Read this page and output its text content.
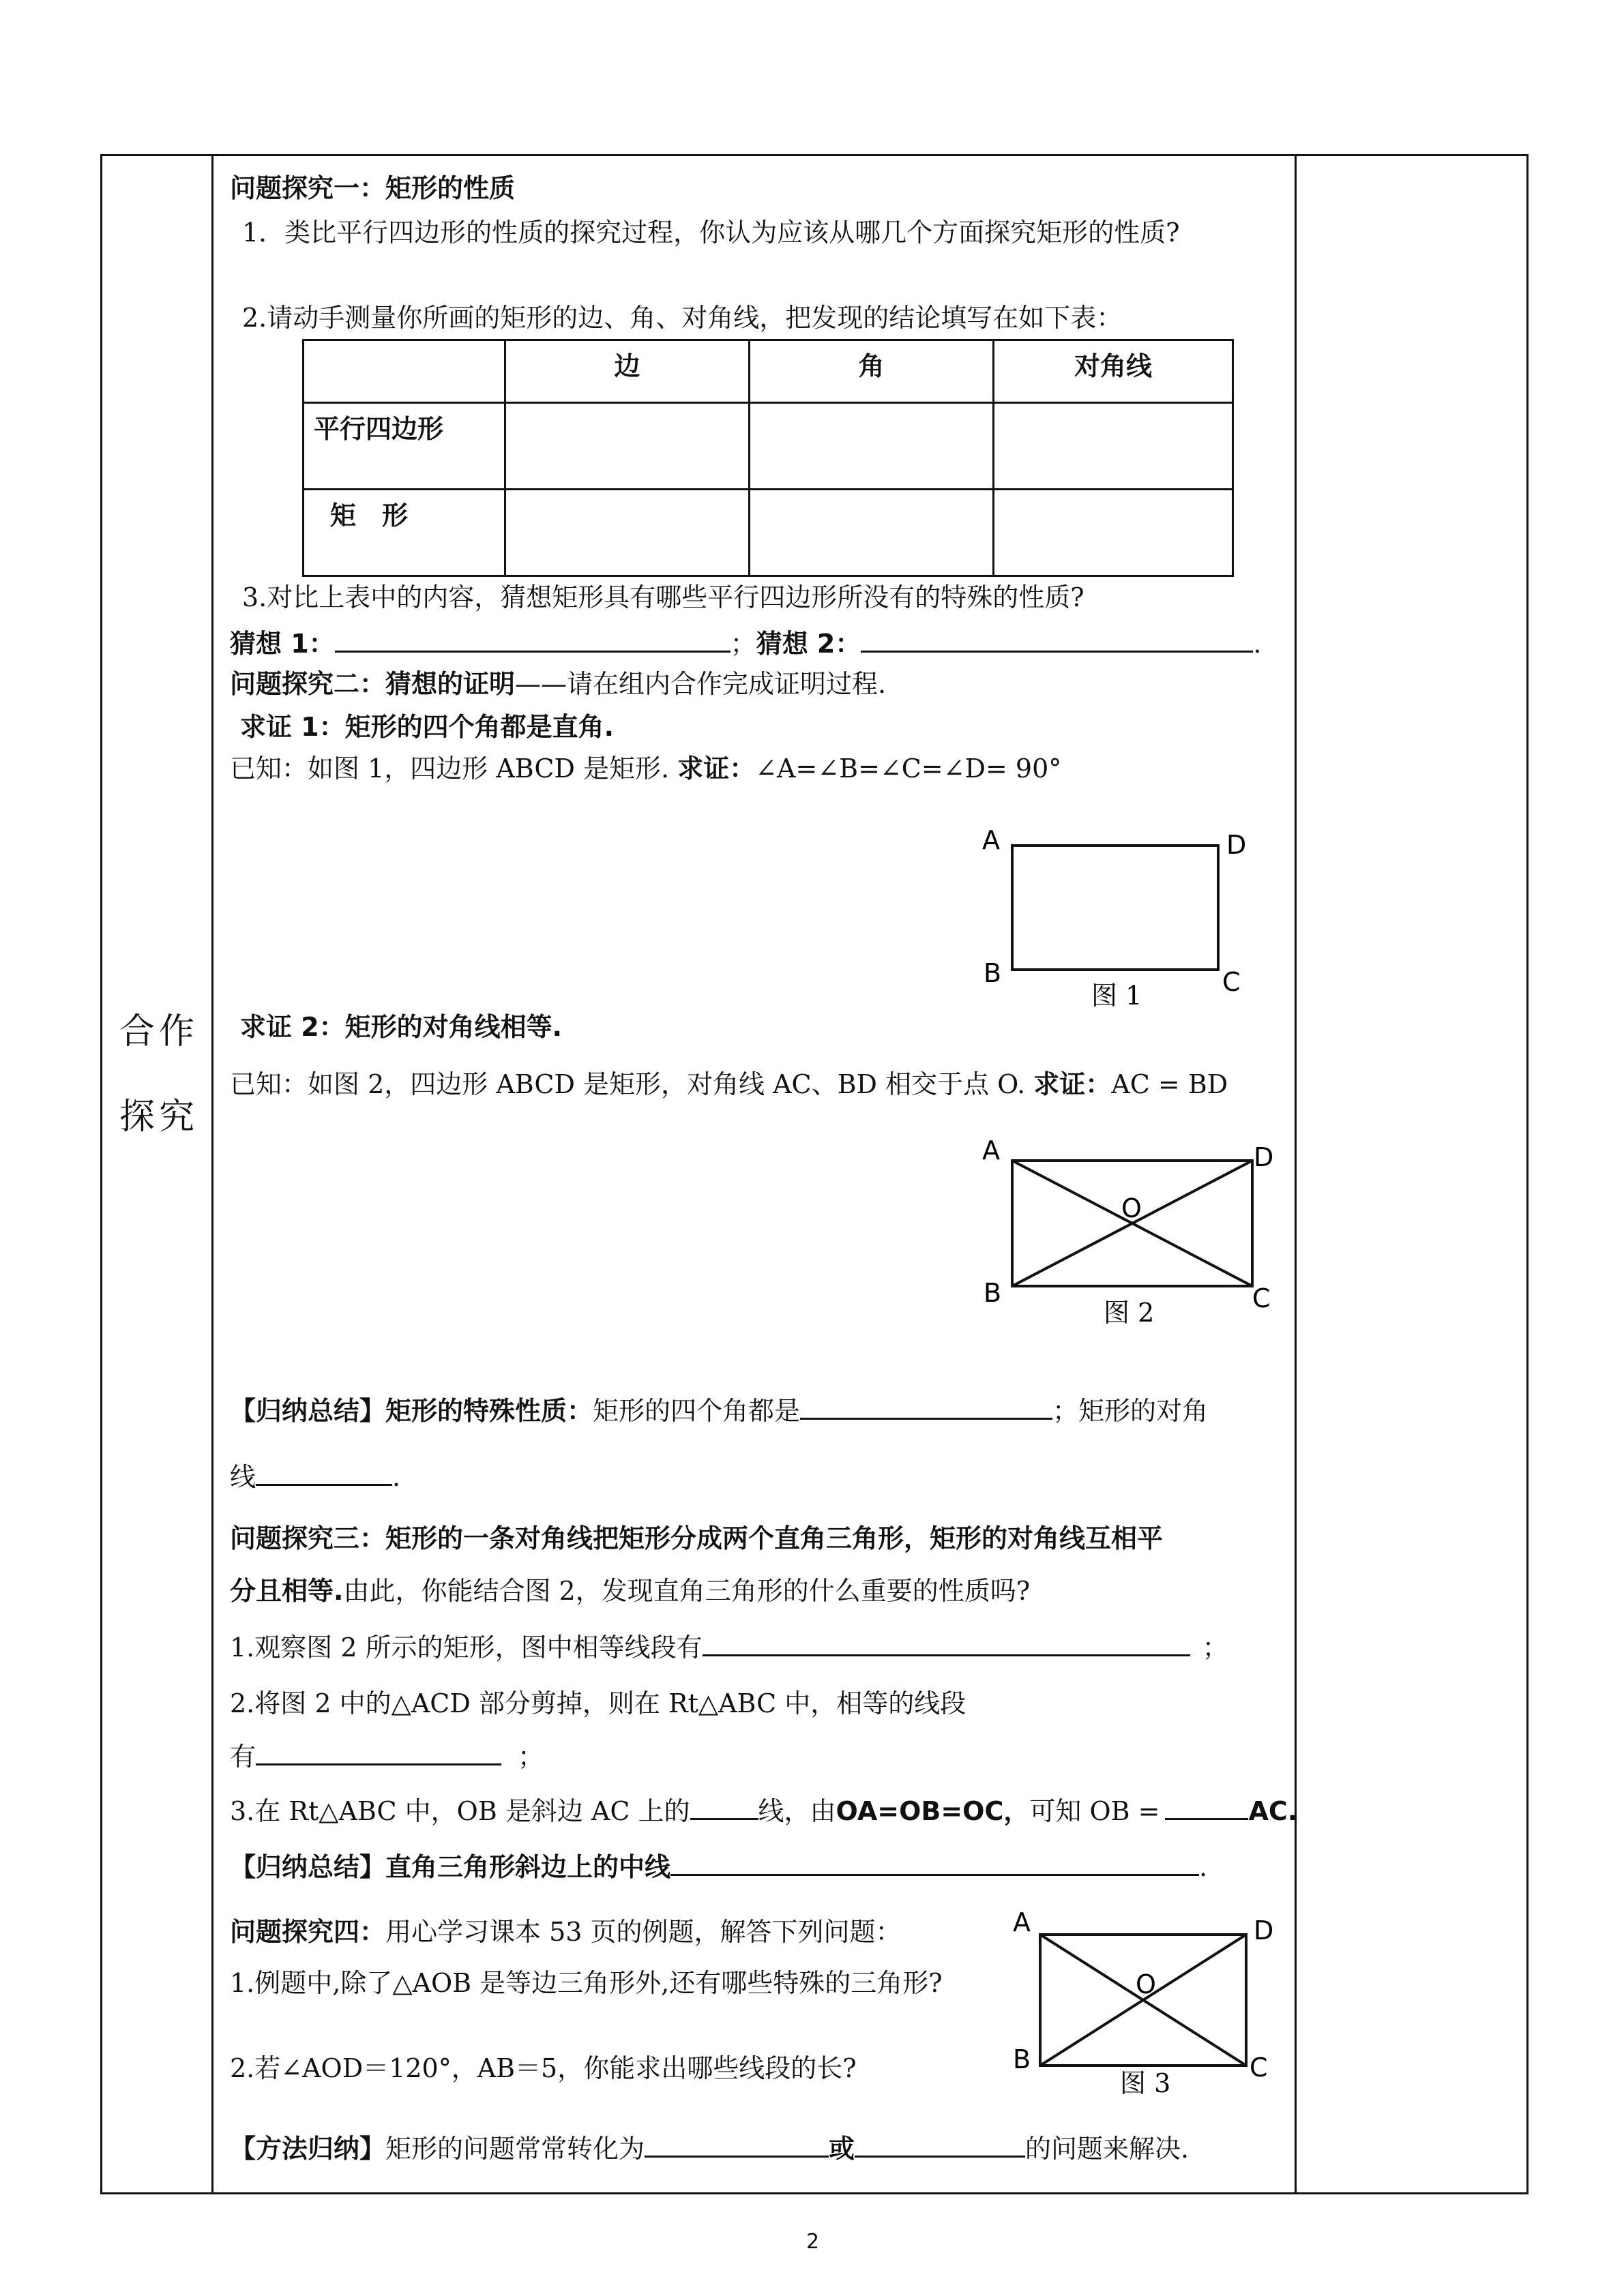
合作
探究
问题探究一：矩形的性质
1．类比平行四边形的性质的探究过程，你认为应该从哪几个方面探究矩形的性质?
2.请动手测量你所画的矩形的边、角、对角线，把发现的结论填写在如下表：
	边	角	对角线
平行四边形			
矩　形			
3.对比上表中的内容，猜想矩形具有哪些平行四边形所没有的特殊的性质?
猜想 1：	；猜想 2：	.
问题探究二：猜想的证明——请在组内合作完成证明过程.
求证 1：矩形的四个角都是直角.
已知：如图 1，四边形 ABCD 是矩形. 求证：∠A=∠B=∠C=∠D= 90°
A	D
B	C
图 1
求证 2：矩形的对角线相等.
已知：如图 2，四边形 ABCD 是矩形，对角线 AC、BD 相交于点 O. 求证：AC = BD
A	D
O
B	C
图 2
【归纳总结】矩形的特殊性质：矩形的四个角都是	；矩形的对角
线	.
问题探究三：矩形的一条对角线把矩形分成两个直角三角形，矩形的对角线互相平
分且相等.由此，你能结合图 2，发现直角三角形的什么重要的性质吗?
1.观察图 2 所示的矩形，图中相等线段有	；
2.将图 2 中的△ACD 部分剪掉，则在 Rt△ABC 中，相等的线段
有	；
3.在 Rt△ABC 中，OB 是斜边 AC 上的	线，由OA=OB=OC，可知 OB =	AC.
【归纳总结】直角三角形斜边上的中线	.
问题探究四：用心学习课本 53 页的例题，解答下列问题：
1.例题中,除了△AOB 是等边三角形外,还有哪些特殊的三角形?
2.若∠AOD＝120°，AB＝5，你能求出哪些线段的长?
A	D
O
B	C
图 3
【方法归纳】矩形的问题常常转化为	或	的问题来解决.
2
